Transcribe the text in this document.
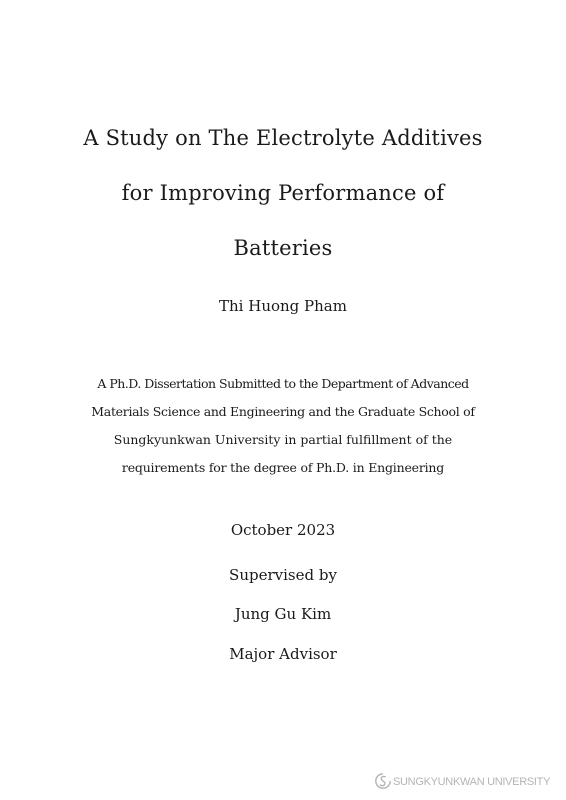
A Study on The Electrolyte Additives
for Improving Performance of
Batteries
Thi Huong Pham
A Ph.D. Dissertation Submitted to the Department of Advanced
Materials Science and Engineering and the Graduate School of
Sungkyunkwan University in partial fulfillment of the
requirements for the degree of Ph.D. in Engineering
October 2023
Supervised by
Jung Gu Kim
Major Advisor
SUNGKYUNKWAN UNIVERSITY
